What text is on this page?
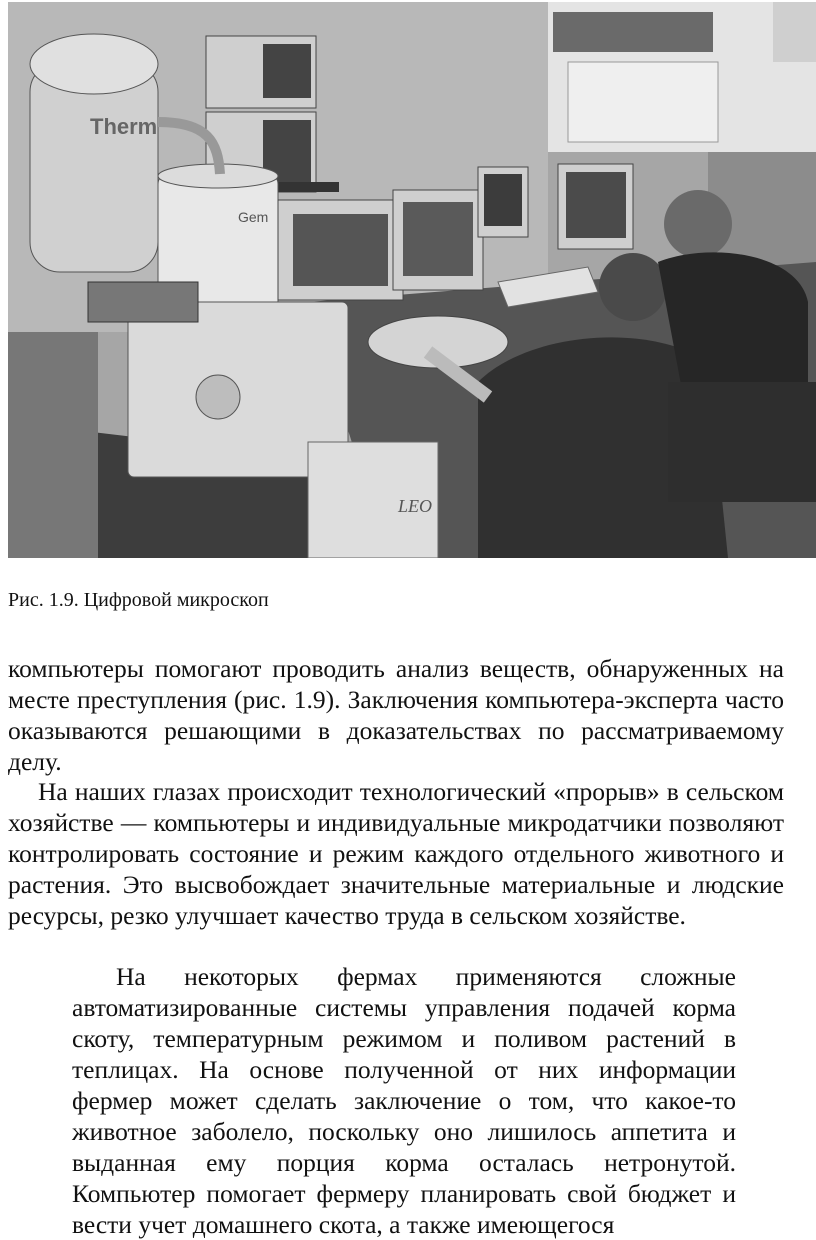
Therm
Gem
LEO
Рис. 1.9. Цифровой микроскоп

компьютеры помогают проводить анализ веществ, обнаруженных на месте преступления (рис. 1.9). Заключения компьютера-эксперта часто оказываются решающими в доказательствах по рассматриваемому делу.

На наших глазах происходит технологический «прорыв» в сельском хозяйстве — компьютеры и индивидуальные микродатчики позволяют контролировать состояние и режим каждого отдельного животного и растения. Это высвобождает значительные материальные и людские ресурсы, резко улучшает качество труда в сельском хозяйстве.

На некоторых фермах применяются сложные автоматизированные системы управления подачей корма скоту, температурным режимом и поливом растений в теплицах. На основе полученной от них информации фермер может сделать заключение о том, что какое-то животное заболело, поскольку оно лишилось аппетита и выданная ему порция корма осталась нетронутой. Компьютер помогает фермеру планировать свой бюджет и вести учет домашнего скота, а также имеющегося
